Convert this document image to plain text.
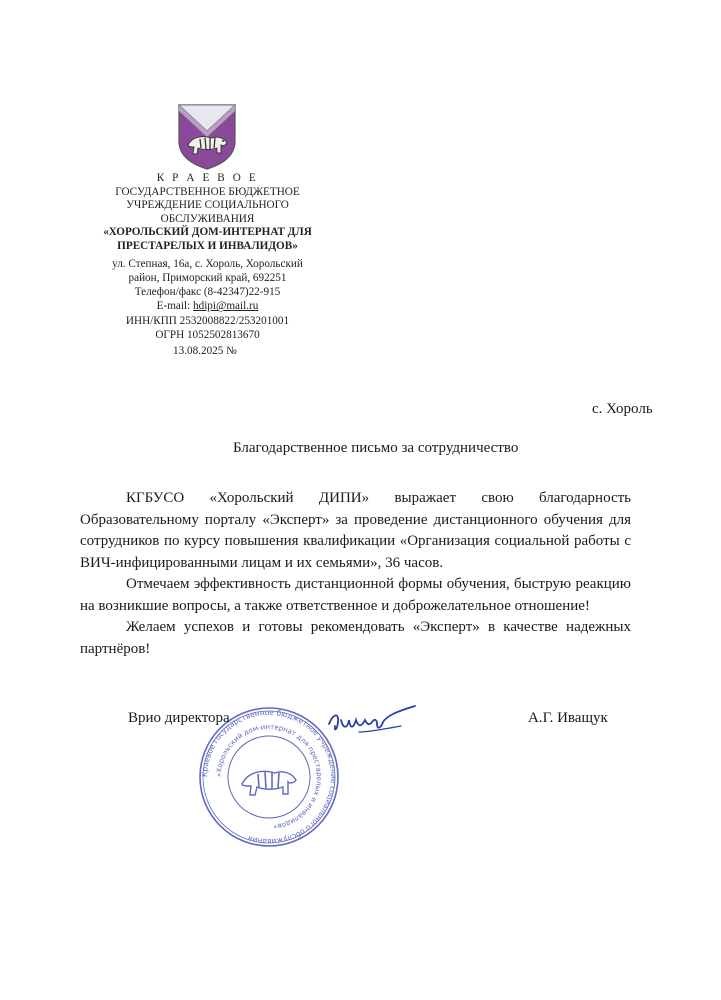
К Р А Е В О Е
ГОСУДАРСТВЕННОЕ БЮДЖЕТНОЕ
УЧРЕЖДЕНИЕ СОЦИАЛЬНОГО
ОБСЛУЖИВАНИЯ
«ХОРОЛЬСКИЙ ДОМ-ИНТЕРНАТ ДЛЯ
ПРЕСТАРЕЛЫХ И ИНВАЛИДОВ»
ул. Степная, 16а, с. Хороль, Хорольский
район, Приморский край, 692251
Телефон/факс (8-42347)22-915
E-mail: hdipi@mail.ru
ИНН/КПП 2532008822/253201001
ОГРН 1052502813670
13.08.2025 №
с. Хороль
Благодарственное письмо за сотрудничество

КГБУСО «Хорольский ДИПИ» выражает свою благодарность Образовательному порталу «Эксперт» за проведение дистанционного обучения для сотрудников по курсу повышения квалификации «Организация социальной работы с ВИЧ-инфицированными лицам и их семьями», 36 часов.

Отмечаем эффективность дистанционной формы обучения, быструю реакцию на возникшие вопросы, а также ответственное и доброжелательное отношение!

Желаем успехов и готовы рекомендовать «Эксперт» в качестве надежных партнёров!

Краевое государственное бюджетное учреждение социального обслуживания
«Хорольский дом-интернат для престарелых и инвалидов»
Врио директора	А.Г. Иващук
